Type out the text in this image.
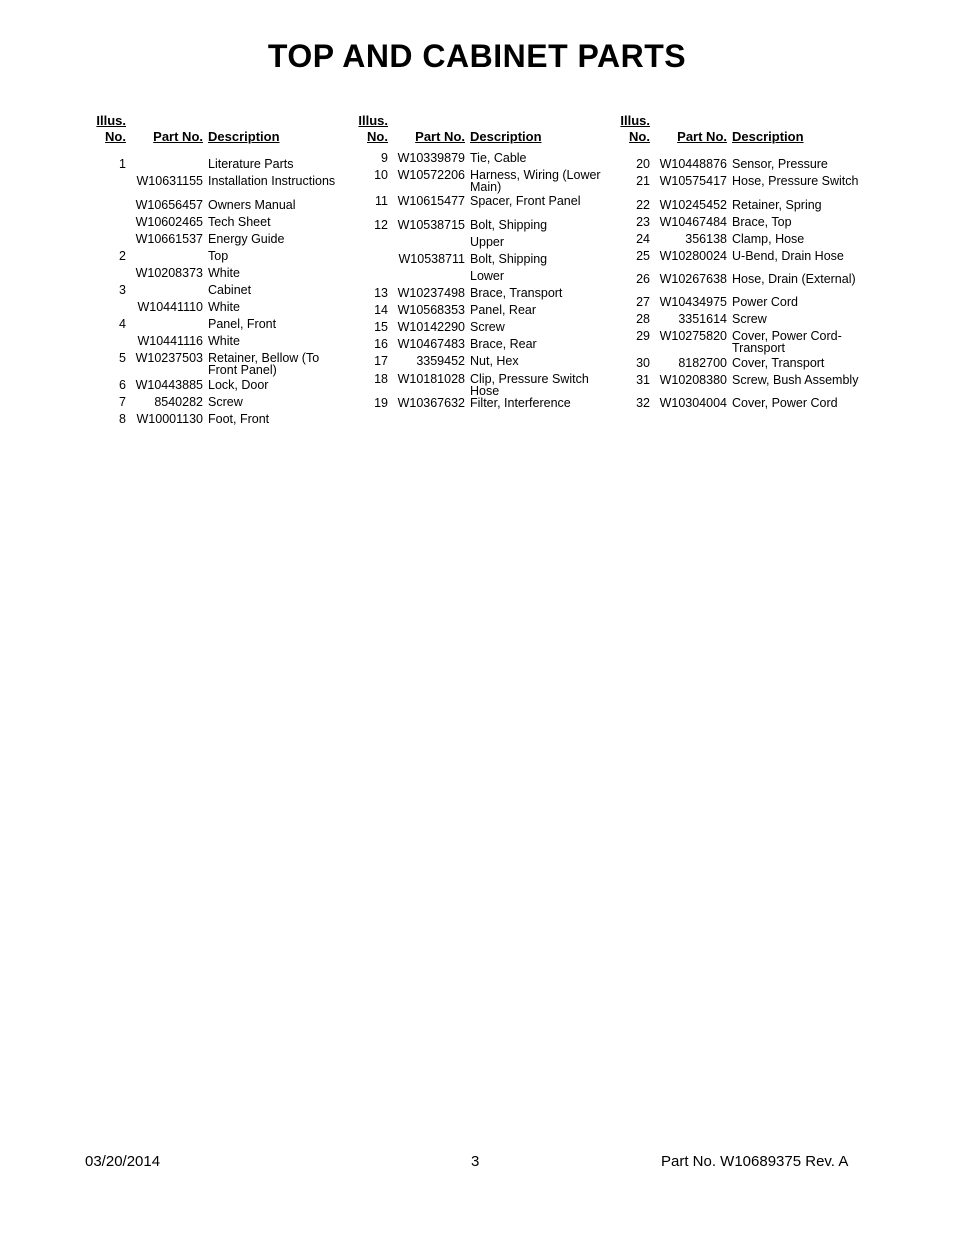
TOP AND CABINET PARTS
Illus.
No.	Part No. Description
1	Literature Parts
W10631155 Installation Instructions
W10656457 Owners Manual
W10602465 Tech Sheet
W10661537 Energy Guide
2	Top
W10208373 White
3	Cabinet
W10441110 White
4	Panel, Front
W10441116 White
5 W10237503 Retainer, Bellow (To Front Panel)
6 W10443885 Lock, Door
7	8540282 Screw
8 W10001130 Foot, Front
Illus.
No.	Part No. Description
9 W10339879 Tie, Cable
10 W10572206 Harness, Wiring (Lower Main)
11 W10615477 Spacer, Front Panel
12 W10538715 Bolt, Shipping
Upper
W10538711 Bolt, Shipping
Lower
13 W10237498 Brace, Transport
14 W10568353 Panel, Rear
15 W10142290 Screw
16 W10467483 Brace, Rear
17	3359452 Nut, Hex
18 W10181028 Clip, Pressure Switch Hose
19 W10367632 Filter, Interference
Illus.
No.	Part No. Description
20 W10448876 Sensor, Pressure
21 W10575417 Hose, Pressure Switch
22 W10245452 Retainer, Spring
23 W10467484 Brace, Top
24	356138 Clamp, Hose
25 W10280024 U-Bend, Drain Hose
26 W10267638 Hose, Drain (External)
27 W10434975 Power Cord
28	3351614 Screw
29 W10275820 Cover, Power Cord-Transport
30	8182700 Cover, Transport
31 W10208380 Screw, Bush Assembly
32 W10304004 Cover, Power Cord
03/20/2014	3	Part No. W10689375 Rev. A
